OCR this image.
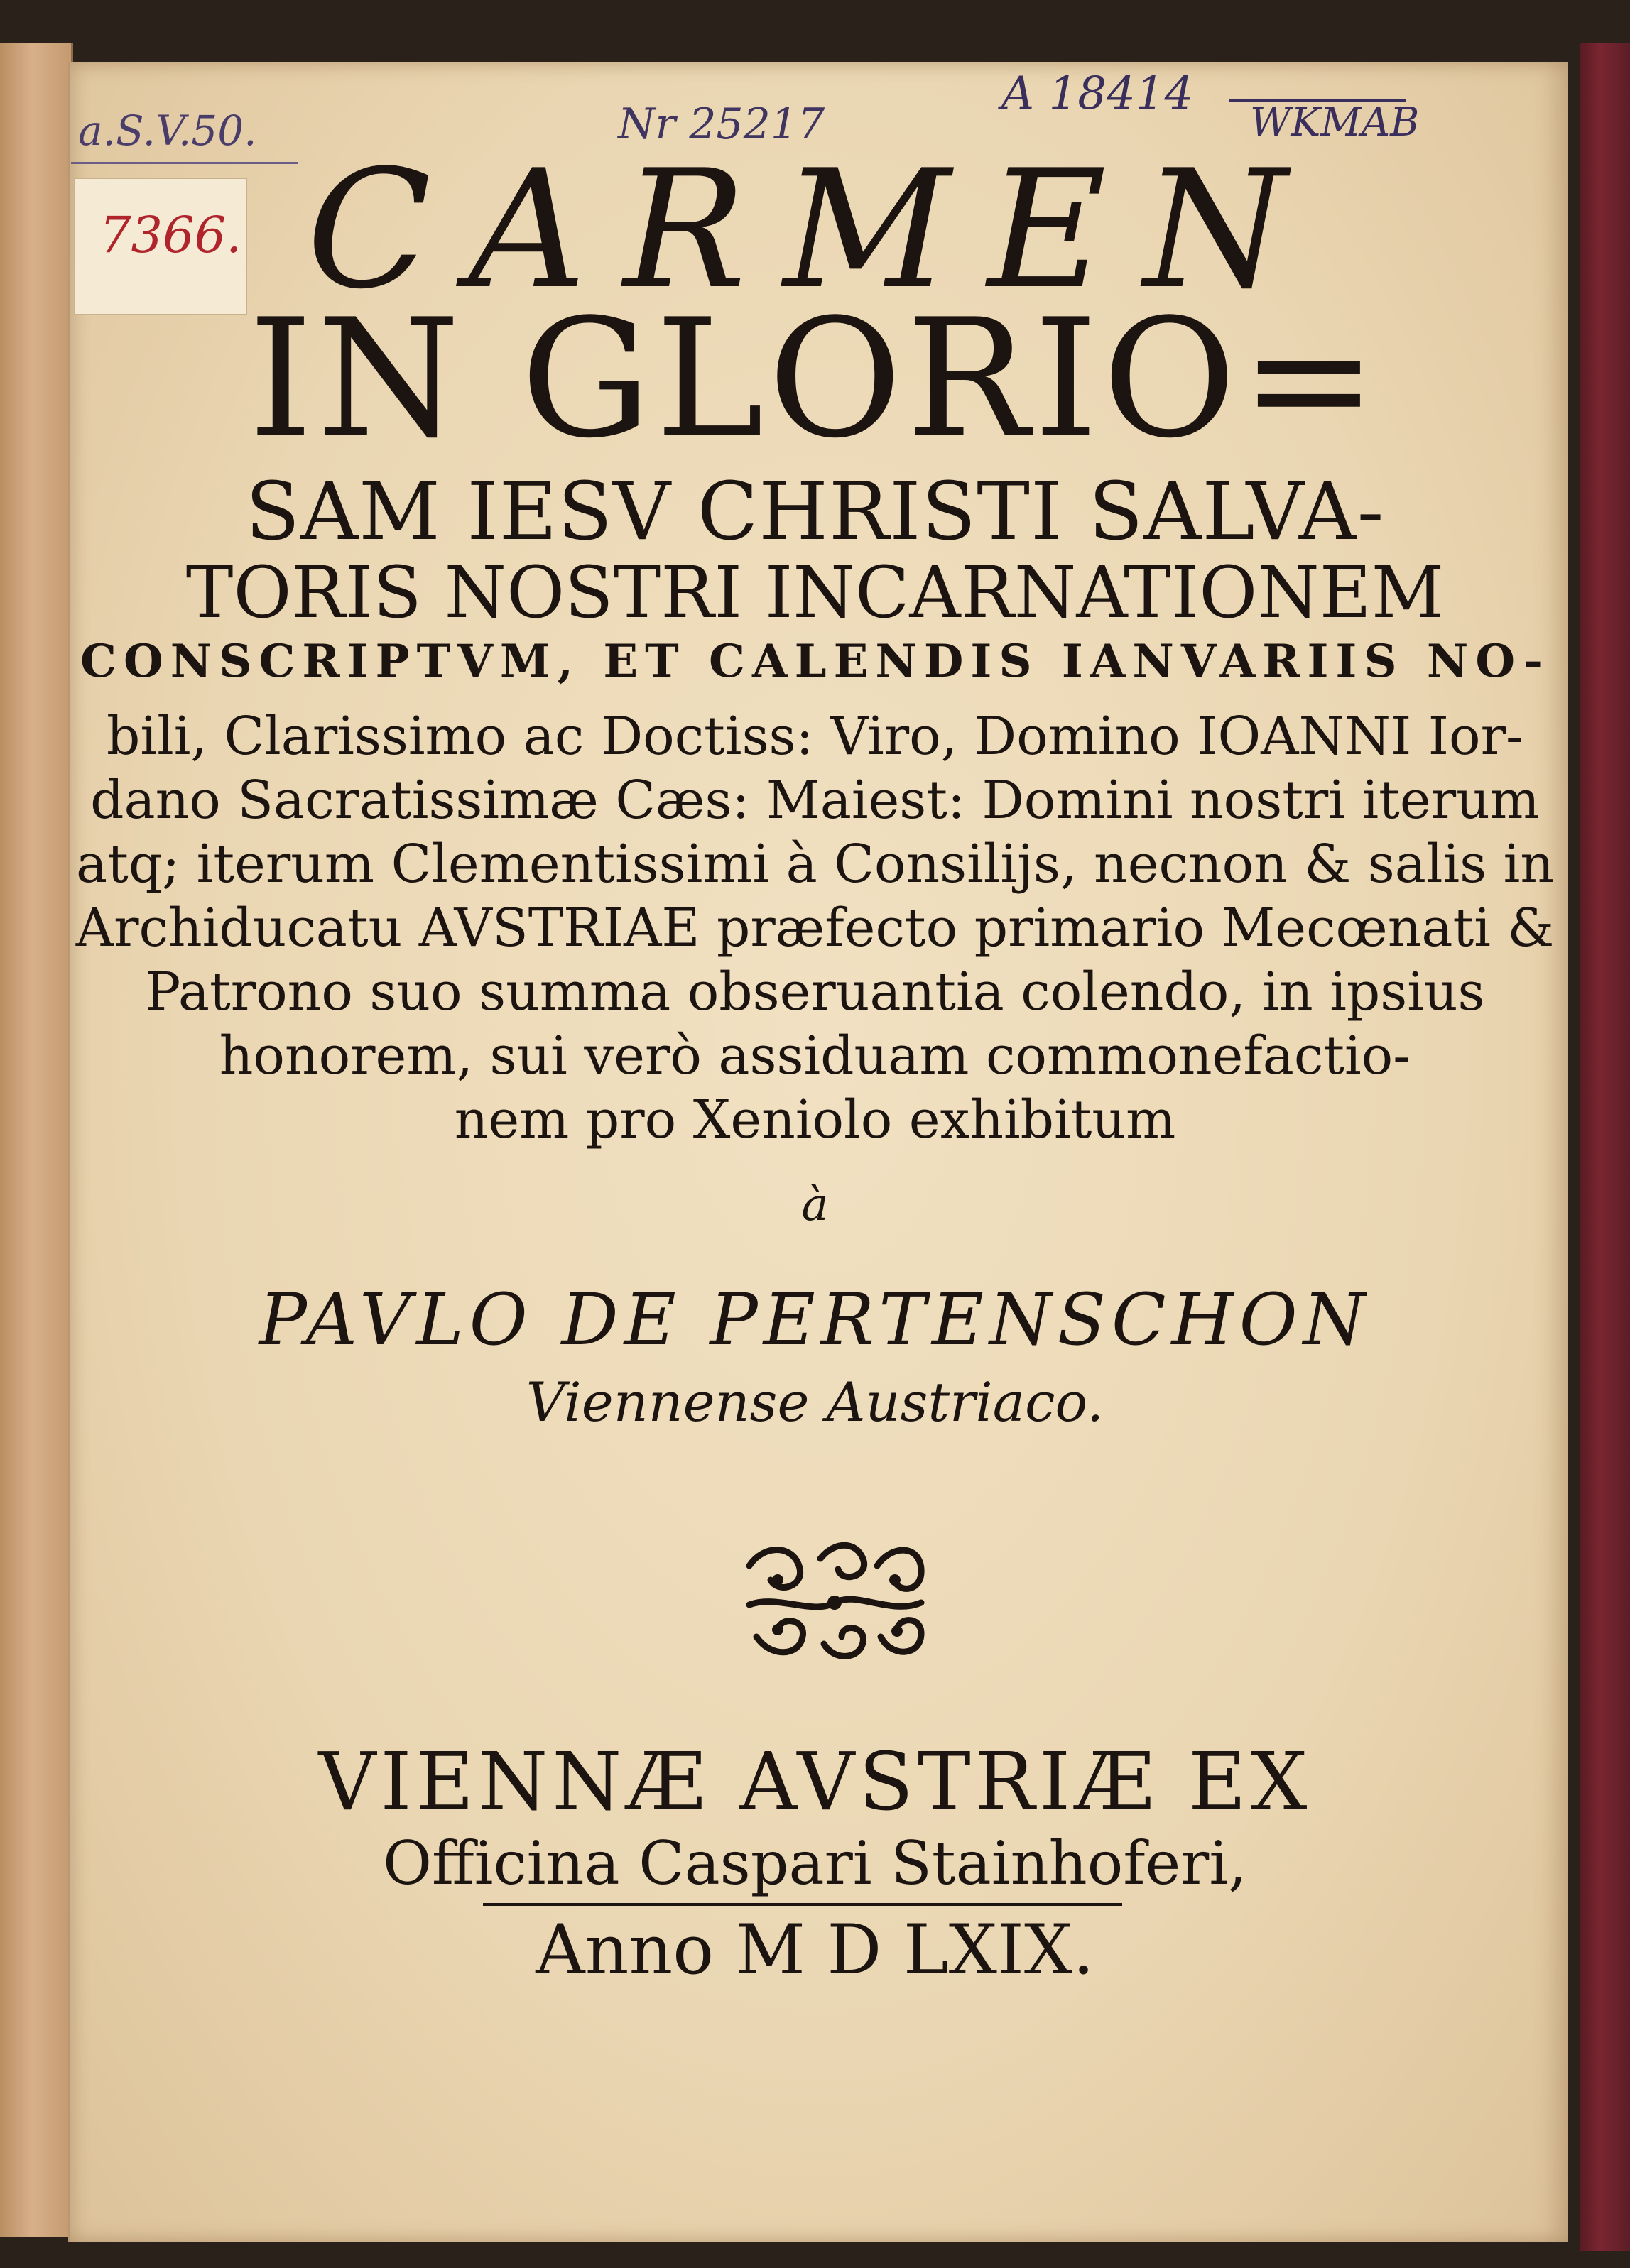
a.S.V.50.
7366.
Nr 25217
A 18414
WKMAB
CARMEN
IN GLORIO=
SAM IESV CHRISTI SALVA-
TORIS NOSTRI INCARNATIONEM
CONSCRIPTVM, ET CALENDIS IANVARIIS NO-
bili, Clarissimo ac Doctiss: Viro, Domino IOANNI Ior-
dano Sacratissimæ Cæs: Maiest: Domini nostri iterum
atq; iterum Clementissimi à Consilijs, necnon & salis in
Archiducatu AVSTRIAE præfecto primario Mecœnati &
Patrono suo summa obseruantia colendo, in ipsius
honorem, sui verò assiduam commonefactio-
nem pro Xeniolo exhibitum
à
PAVLO DE PERTENSCHON
Viennense Austriaco.
VIENNÆ AVSTRIÆ EX
Officina Caspari Stainhoferi,
Anno M D LXIX.
